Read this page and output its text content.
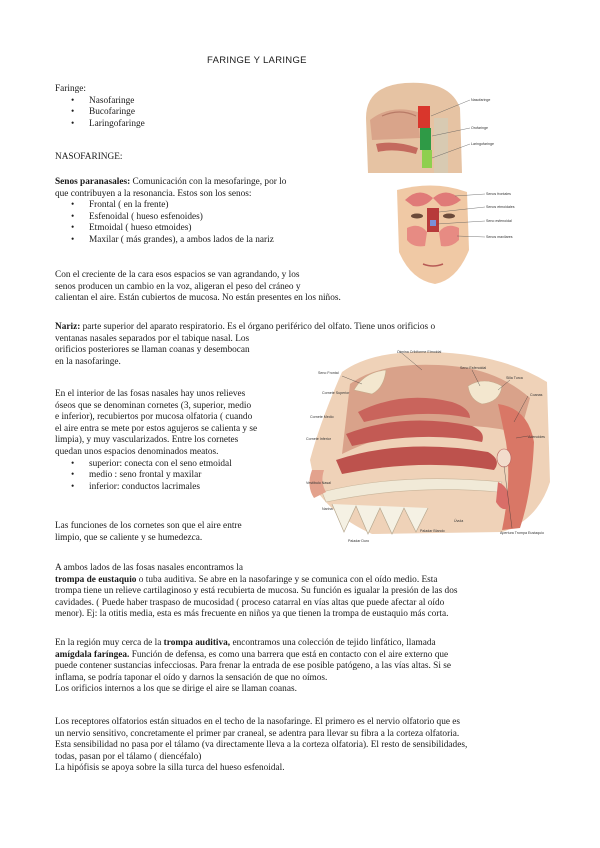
FARINGE Y LARINGE
Faringe:
• Nasofaringe
• Bucofaringe
• Laringofaringe
NASOFARINGE:
Senos paranasales: Comunicación con la mesofaringe, por lo
que contribuyen a la resonancia. Estos son los senos:
• Frontal ( en la frente)
• Esfenoidal ( hueso esfenoides)
• Etmoidal ( hueso etmoides)
• Maxilar ( más grandes), a ambos lados de la nariz
Con el creciente de la cara esos espacios se van agrandando, y los
senos producen un cambio en la voz, aligeran el peso del cráneo y
calientan el aire. Están cubiertos de mucosa. No están presentes en los niños.
Nariz: parte superior del aparato respiratorio. Es el órgano periférico del olfato. Tiene unos orificios o
ventanas nasales separados por el tabique nasal. Los
orificios posteriores se llaman coanas y desembocan
en la nasofaringe.
En el interior de las fosas nasales hay unos relieves
óseos que se denominan cornetes (3, superior, medio
e inferior), recubiertos por mucosa olfatoria ( cuando
el aire entra se mete por estos agujeros se calienta y se
limpia), y muy vascularizados. Entre los cornetes
quedan unos espacios denominados meatos.
• superior: conecta con el seno etmoidal
• medio : seno frontal y maxilar
• inferior: conductos lacrimales
Las funciones de los cornetes son que el aire entre
limpio, que se caliente y se humedezca.
A ambos lados de las fosas nasales encontramos la
trompa de eustaquio o tuba auditiva. Se abre en la nasofaringe y se comunica con el oído medio. Esta
trompa tiene un relieve cartilaginoso y está recubierta de mucosa. Su función es igualar la presión de las dos
cavidades. ( Puede haber traspaso de mucosidad ( proceso catarral en vías altas que puede afectar al oído
menor). Ej: la otitis media, esta es más frecuente en niños ya que tienen la trompa de eustaquio más corta.
En la región muy cerca de la trompa auditiva, encontramos una colección de tejido linfático, llamada
amígdala faríngea. Función de defensa, es como una barrera que está en contacto con el aire externo que
puede contener sustancias infecciosas. Para frenar la entrada de ese posible patógeno, a las vías altas. Si se
inflama, se podría taponar el oído y darnos la sensación de que no oímos.
Los orificios internos a los que se dirige el aire se llaman coanas.
Los receptores olfatorios están situados en el techo de la nasofaringe. El primero es el nervio olfatorio que es
un nervio sensitivo, concretamente el primer par craneal, se adentra para llevar su fibra a la corteza olfatoria.
Esta sensibilidad no pasa por el tálamo (va directamente lleva a la corteza olfatoria). El resto de sensibilidades,
todas, pasan por el tálamo ( diencéfalo)
La hipófisis se apoya sobre la silla turca del hueso esfenoidal.
Nasofaringe
Orofaringe
Laringofaringe
Senos frontales
Senos etmoidales
Seno esfenoidal
Senos maxilares
Lámina Cribiforme Etmoidal
Seno Frontal
Seno Esfenoidal
Silla Turca
Cornete Superior	Coanas
Cornete Medio
Cornete Inferior	Adenoides
Vestíbulo Nasal
Narina
Paladar Duro
Paladar Blando
Úvula
Apertura Trompa Eustaquio
